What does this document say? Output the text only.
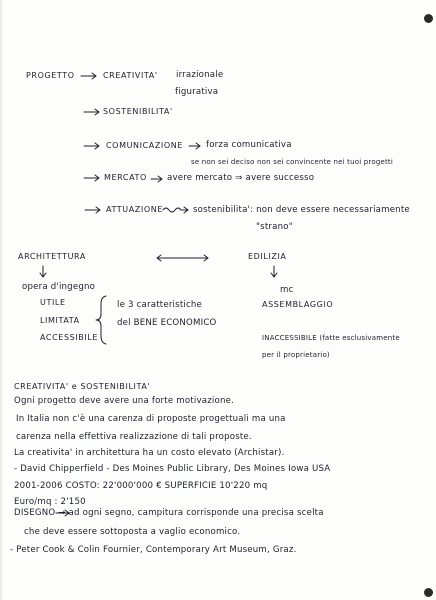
PROGETTO	CREATIVITA' irrazionale
figurativa
SOSTENIBILITA'
COMUNICAZIONE	forza comunicativa
se non sei deciso non sei convincente nei tuoi progetti
MERCATO avere mercato ⇒ avere successo
ATTUAZIONE	sostenibilita': non deve essere necessariamente
"strano"
ARCHITETTURA
opera d'ingegno
UTILE
LIMITATA
ACCESSIBILE
le 3 caratteristiche
del BENE ECONOMICO
EDILIZIA
mc
ASSEMBLAGGIO
INACCESSIBILE (fatte esclusivamente
per il proprietario)
CREATIVITA' e SOSTENIBILITA'
Ogni progetto deve avere una forte motivazione.
In Italia non c'è una carenza di proposte progettuali ma una
carenza nella effettiva realizzazione di tali proposte.
La creativita' in architettura ha un costo elevato (Archistar).
- David Chipperfield - Des Moines Public Library, Des Moines Iowa USA
2001-2006 COSTO: 22'000'000 € SUPERFICIE 10'220 mq
Euro/mq : 2'150
DISEGNO → ad ogni segno, campitura corrisponde una precisa scelta
che deve essere sottoposta a vaglio economico.
- Peter Cook & Colin Fournier, Contemporary Art Museum, Graz.
